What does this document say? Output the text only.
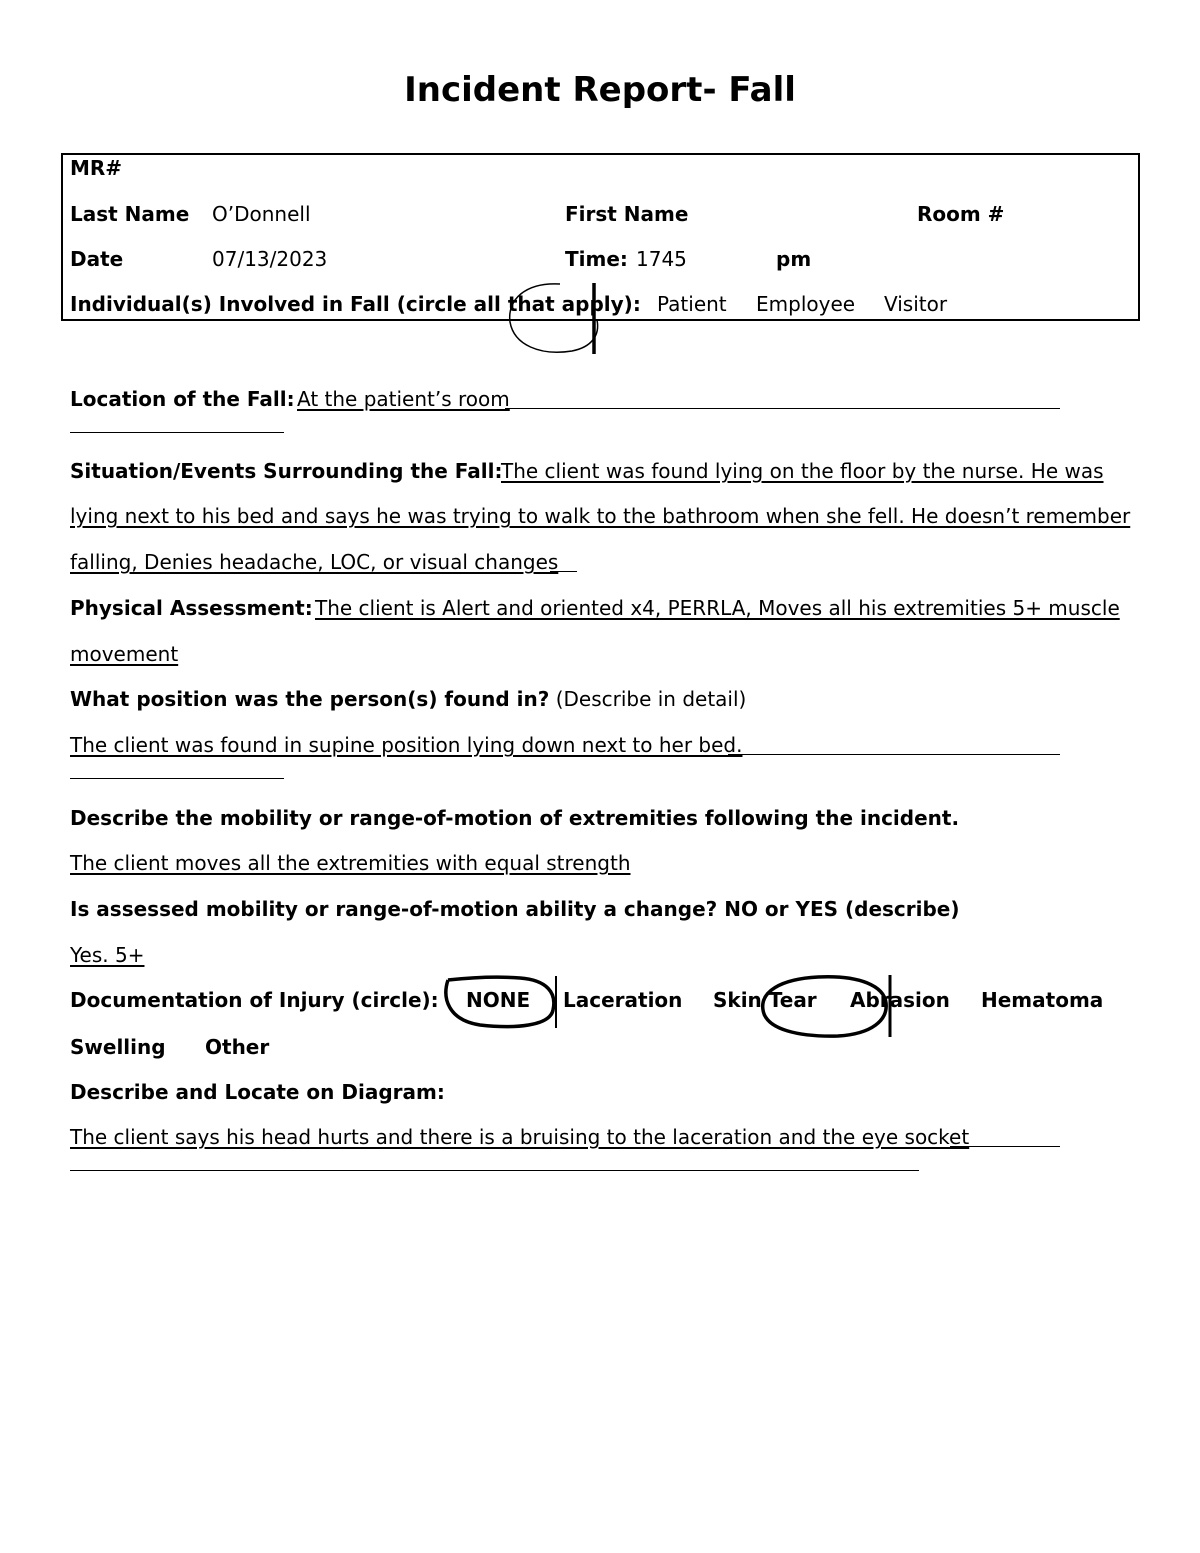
Incident Report- Fall
MR#
Last Name O’Donnell	First Name	Room #
Date	07/13/2023	Time: 1745	pm
Individual(s) Involved in Fall (circle all that apply): Patient Employee Visitor
Location of the Fall: At the patient’s room
Situation/Events Surrounding the Fall:
The client was found lying on the floor by the nurse. He was
lying next to his bed and says he was trying to walk to the bathroom when she fell. He doesn’t remember
falling, Denies headache, LOC, or visual changes
Physical Assessment: The client is Alert and oriented x4, PERRLA, Moves all his extremities 5+ muscle
movement
What position was the person(s) found in? (Describe in detail)
The client was found in supine position lying down next to her bed.
Describe the mobility or range-of-motion of extremities following the incident.
The client moves all the extremities with equal strength
Is assessed mobility or range-of-motion ability a change? NO or YES (describe)
Yes. 5+
Documentation of Injury (circle): NONE Laceration Skin Tear Abrasion Hematoma
Swelling Other
Describe and Locate on Diagram:
The client says his head hurts and there is a bruising to the laceration and the eye socket
